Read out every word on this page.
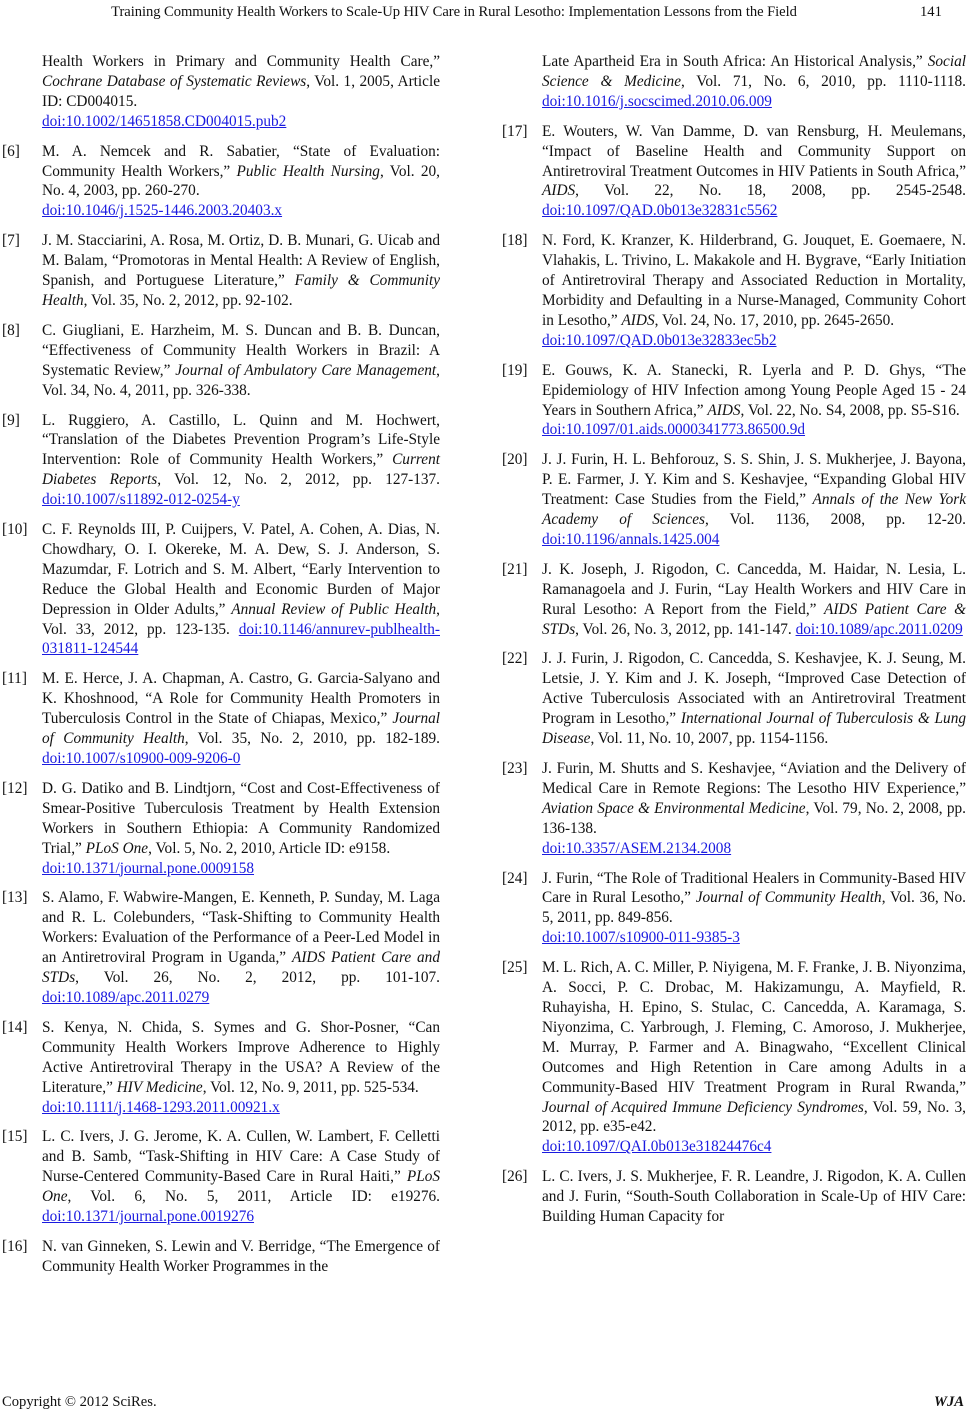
Training Community Health Workers to Scale-Up HIV Care in Rural Lesotho: Implementation Lessons from the Field	141
Health Workers in Primary and Community Health Care,” Cochrane Database of Systematic Reviews, Vol. 1, 2005, Article ID: CD004015.
doi:10.1002/14651858.CD004015.pub2
[6] M. A. Nemcek and R. Sabatier, “State of Evaluation: Community Health Workers,” Public Health Nursing, Vol. 20, No. 4, 2003, pp. 260-270.
doi:10.1046/j.1525-1446.2003.20403.x
[7] J. M. Stacciarini, A. Rosa, M. Ortiz, D. B. Munari, G. Uicab and M. Balam, “Promotoras in Mental Health: A Review of English, Spanish, and Portuguese Literature,” Family & Community Health, Vol. 35, No. 2, 2012, pp. 92-102.
[8] C. Giugliani, E. Harzheim, M. S. Duncan and B. B. Duncan, “Effectiveness of Community Health Workers in Brazil: A Systematic Review,” Journal of Ambulatory Care Management, Vol. 34, No. 4, 2011, pp. 326-338.
[9] L. Ruggiero, A. Castillo, L. Quinn and M. Hochwert, “Translation of the Diabetes Prevention Program’s Life-Style Intervention: Role of Community Health Workers,” Current Diabetes Reports, Vol. 12, No. 2, 2012, pp. 127-137. doi:10.1007/s11892-012-0254-y
[10] C. F. Reynolds III, P. Cuijpers, V. Patel, A. Cohen, A. Dias, N. Chowdhary, O. I. Okereke, M. A. Dew, S. J. Anderson, S. Mazumdar, F. Lotrich and S. M. Albert, “Early Intervention to Reduce the Global Health and Economic Burden of Major Depression in Older Adults,” Annual Review of Public Health, Vol. 33, 2012, pp. 123-135. doi:10.1146/annurev-publhealth-031811-124544
[11] M. E. Herce, J. A. Chapman, A. Castro, G. Garcia-Salyano and K. Khoshnood, “A Role for Community Health Promoters in Tuberculosis Control in the State of Chiapas, Mexico,” Journal of Community Health, Vol. 35, No. 2, 2010, pp. 182-189. doi:10.1007/s10900-009-9206-0
[12] D. G. Datiko and B. Lindtjorn, “Cost and Cost-Effectiveness of Smear-Positive Tuberculosis Treatment by Health Extension Workers in Southern Ethiopia: A Community Randomized Trial,” PLoS One, Vol. 5, No. 2, 2010, Article ID: e9158.
doi:10.1371/journal.pone.0009158
[13] S. Alamo, F. Wabwire-Mangen, E. Kenneth, P. Sunday, M. Laga and R. L. Colebunders, “Task-Shifting to Community Health Workers: Evaluation of the Performance of a Peer-Led Model in an Antiretroviral Program in Uganda,” AIDS Patient Care and STDs, Vol. 26, No. 2, 2012, pp. 101-107. doi:10.1089/apc.2011.0279
[14] S. Kenya, N. Chida, S. Symes and G. Shor-Posner, “Can Community Health Workers Improve Adherence to Highly Active Antiretroviral Therapy in the USA? A Review of the Literature,” HIV Medicine, Vol. 12, No. 9, 2011, pp. 525-534.
doi:10.1111/j.1468-1293.2011.00921.x
[15] L. C. Ivers, J. G. Jerome, K. A. Cullen, W. Lambert, F. Celletti and B. Samb, “Task-Shifting in HIV Care: A Case Study of Nurse-Centered Community-Based Care in Rural Haiti,” PLoS One, Vol. 6, No. 5, 2011, Article ID: e19276. doi:10.1371/journal.pone.0019276
[16] N. van Ginneken, S. Lewin and V. Berridge, “The Emergence of Community Health Worker Programmes in the
Late Apartheid Era in South Africa: An Historical Analysis,” Social Science & Medicine, Vol. 71, No. 6, 2010, pp. 1110-1118. doi:10.1016/j.socscimed.2010.06.009
[17] E. Wouters, W. Van Damme, D. van Rensburg, H. Meulemans, “Impact of Baseline Health and Community Support on Antiretroviral Treatment Outcomes in HIV Patients in South Africa,” AIDS, Vol. 22, No. 18, 2008, pp. 2545-2548. doi:10.1097/QAD.0b013e32831c5562
[18] N. Ford, K. Kranzer, K. Hilderbrand, G. Jouquet, E. Goemaere, N. Vlahakis, L. Trivino, L. Makakole and H. Bygrave, “Early Initiation of Antiretroviral Therapy and Associated Reduction in Mortality, Morbidity and Defaulting in a Nurse-Managed, Community Cohort in Lesotho,” AIDS, Vol. 24, No. 17, 2010, pp. 2645-2650.
doi:10.1097/QAD.0b013e32833ec5b2
[19] E. Gouws, K. A. Stanecki, R. Lyerla and P. D. Ghys, “The Epidemiology of HIV Infection among Young People Aged 15 - 24 Years in Southern Africa,” AIDS, Vol. 22, No. S4, 2008, pp. S5-S16.
doi:10.1097/01.aids.0000341773.86500.9d
[20] J. J. Furin, H. L. Behforouz, S. S. Shin, J. S. Mukherjee, J. Bayona, P. E. Farmer, J. Y. Kim and S. Keshavjee, “Expanding Global HIV Treatment: Case Studies from the Field,” Annals of the New York Academy of Sciences, Vol. 1136, 2008, pp. 12-20. doi:10.1196/annals.1425.004
[21] J. K. Joseph, J. Rigodon, C. Cancedda, M. Haidar, N. Lesia, L. Ramanagoela and J. Furin, “Lay Health Workers and HIV Care in Rural Lesotho: A Report from the Field,” AIDS Patient Care & STDs, Vol. 26, No. 3, 2012, pp. 141-147. doi:10.1089/apc.2011.0209
[22] J. J. Furin, J. Rigodon, C. Cancedda, S. Keshavjee, K. J. Seung, M. Letsie, J. Y. Kim and J. K. Joseph, “Improved Case Detection of Active Tuberculosis Associated with an Antiretroviral Treatment Program in Lesotho,” International Journal of Tuberculosis & Lung Disease, Vol. 11, No. 10, 2007, pp. 1154-1156.
[23] J. Furin, M. Shutts and S. Keshavjee, “Aviation and the Delivery of Medical Care in Remote Regions: The Lesotho HIV Experience,” Aviation Space & Environmental Medicine, Vol. 79, No. 2, 2008, pp. 136-138.
doi:10.3357/ASEM.2134.2008
[24] J. Furin, “The Role of Traditional Healers in Community-Based HIV Care in Rural Lesotho,” Journal of Community Health, Vol. 36, No. 5, 2011, pp. 849-856.
doi:10.1007/s10900-011-9385-3
[25] M. L. Rich, A. C. Miller, P. Niyigena, M. F. Franke, J. B. Niyonzima, A. Socci, P. C. Drobac, M. Hakizamungu, A. Mayfield, R. Ruhayisha, H. Epino, S. Stulac, C. Cancedda, A. Karamaga, S. Niyonzima, C. Yarbrough, J. Fleming, C. Amoroso, J. Mukherjee, M. Murray, P. Farmer and A. Binagwaho, “Excellent Clinical Outcomes and High Retention in Care among Adults in a Community-Based HIV Treatment Program in Rural Rwanda,” Journal of Acquired Immune Deficiency Syndromes, Vol. 59, No. 3, 2012, pp. e35-e42.
doi:10.1097/QAI.0b013e31824476c4
[26] L. C. Ivers, J. S. Mukherjee, F. R. Leandre, J. Rigodon, K. A. Cullen and J. Furin, “South-South Collaboration in Scale-Up of HIV Care: Building Human Capacity for
Copyright © 2012 SciRes.	WJA
